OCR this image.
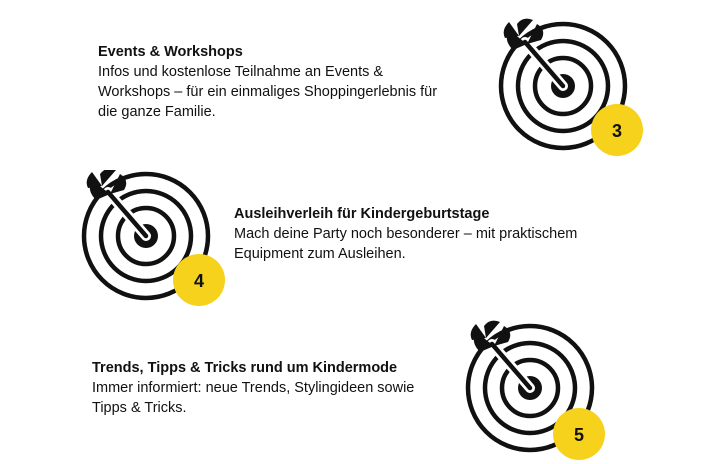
Events & Workshops
Infos und kostenlose Teilnahme an Events & Workshops – für ein einmaliges Shoppingerlebnis für die ganze Familie.
3
4
Ausleihverleih für Kindergeburtstage
Mach deine Party noch besonderer – mit praktischem Equipment zum Ausleihen.
Trends, Tipps & Tricks rund um Kindermode
Immer informiert: neue Trends, Stylingideen sowie Tipps & Tricks.
5
